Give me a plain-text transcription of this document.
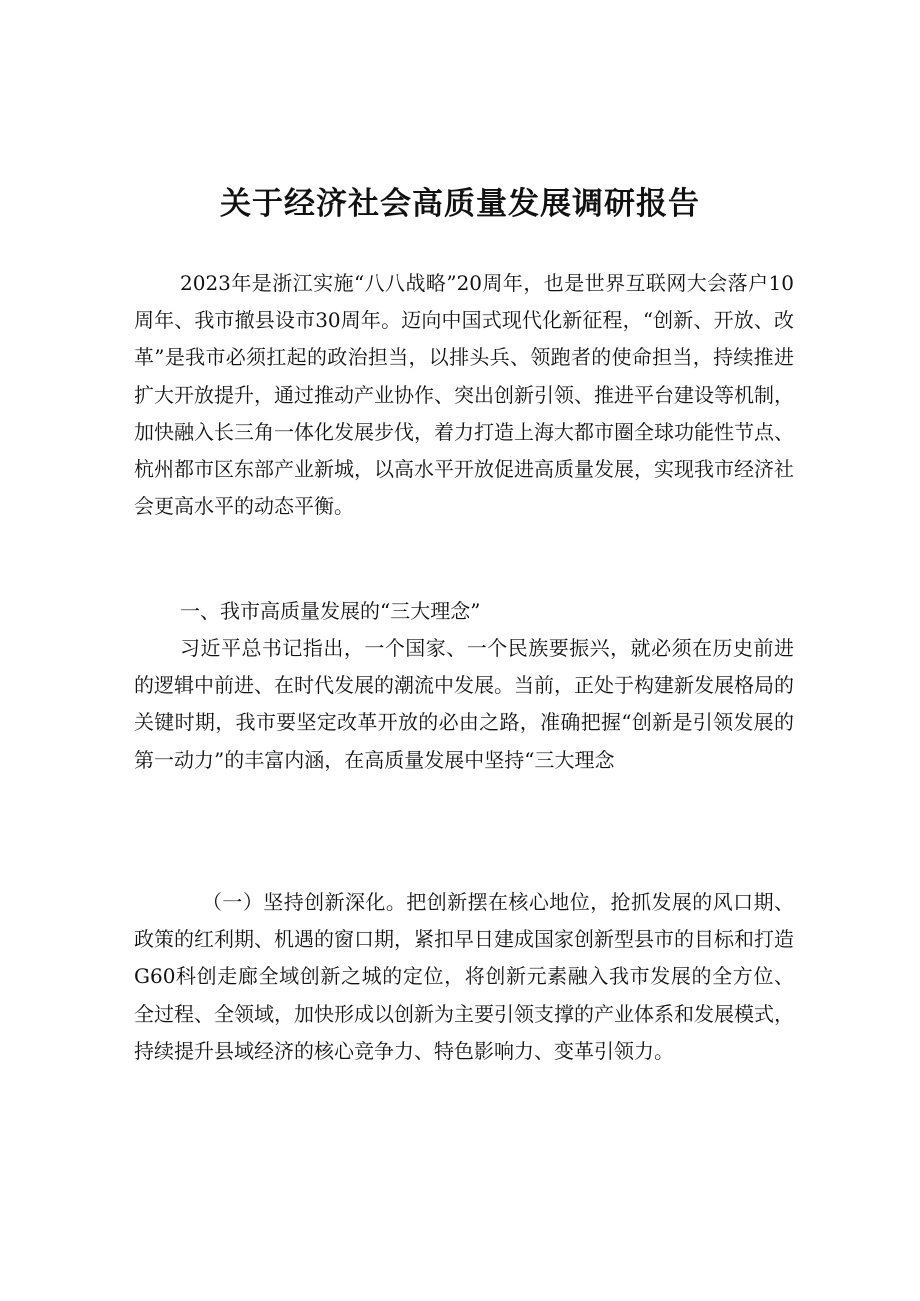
关于经济社会高质量发展调研报告

2023年是浙江实施“八八战略”20周年，也是世界互联网大会落户10周年、我市撤县设市30周年。迈向中国式现代化新征程，“创新、开放、改革”是我市必须扛起的政治担当，以排头兵、领跑者的使命担当，持续推进扩大开放提升，通过推动产业协作、突出创新引领、推进平台建设等机制，加快融入长三角一体化发展步伐，着力打造上海大都市圈全球功能性节点、杭州都市区东部产业新城，以高水平开放促进高质量发展，实现我市经济社会更高水平的动态平衡。

一、我市高质量发展的“三大理念”

习近平总书记指出，一个国家、一个民族要振兴，就必须在历史前进的逻辑中前进、在时代发展的潮流中发展。当前，正处于构建新发展格局的关键时期，我市要坚定改革开放的必由之路，准确把握“创新是引领发展的第一动力”的丰富内涵，在高质量发展中坚持“三大理念

（一）坚持创新深化。把创新摆在核心地位，抢抓发展的风口期、政策的红利期、机遇的窗口期，紧扣早日建成国家创新型县市的目标和打造G60科创走廊全域创新之城的定位，将创新元素融入我市发展的全方位、全过程、全领域，加快形成以创新为主要引领支撑的产业体系和发展模式，持续提升县域经济的核心竞争力、特色影响力、变革引领力。
